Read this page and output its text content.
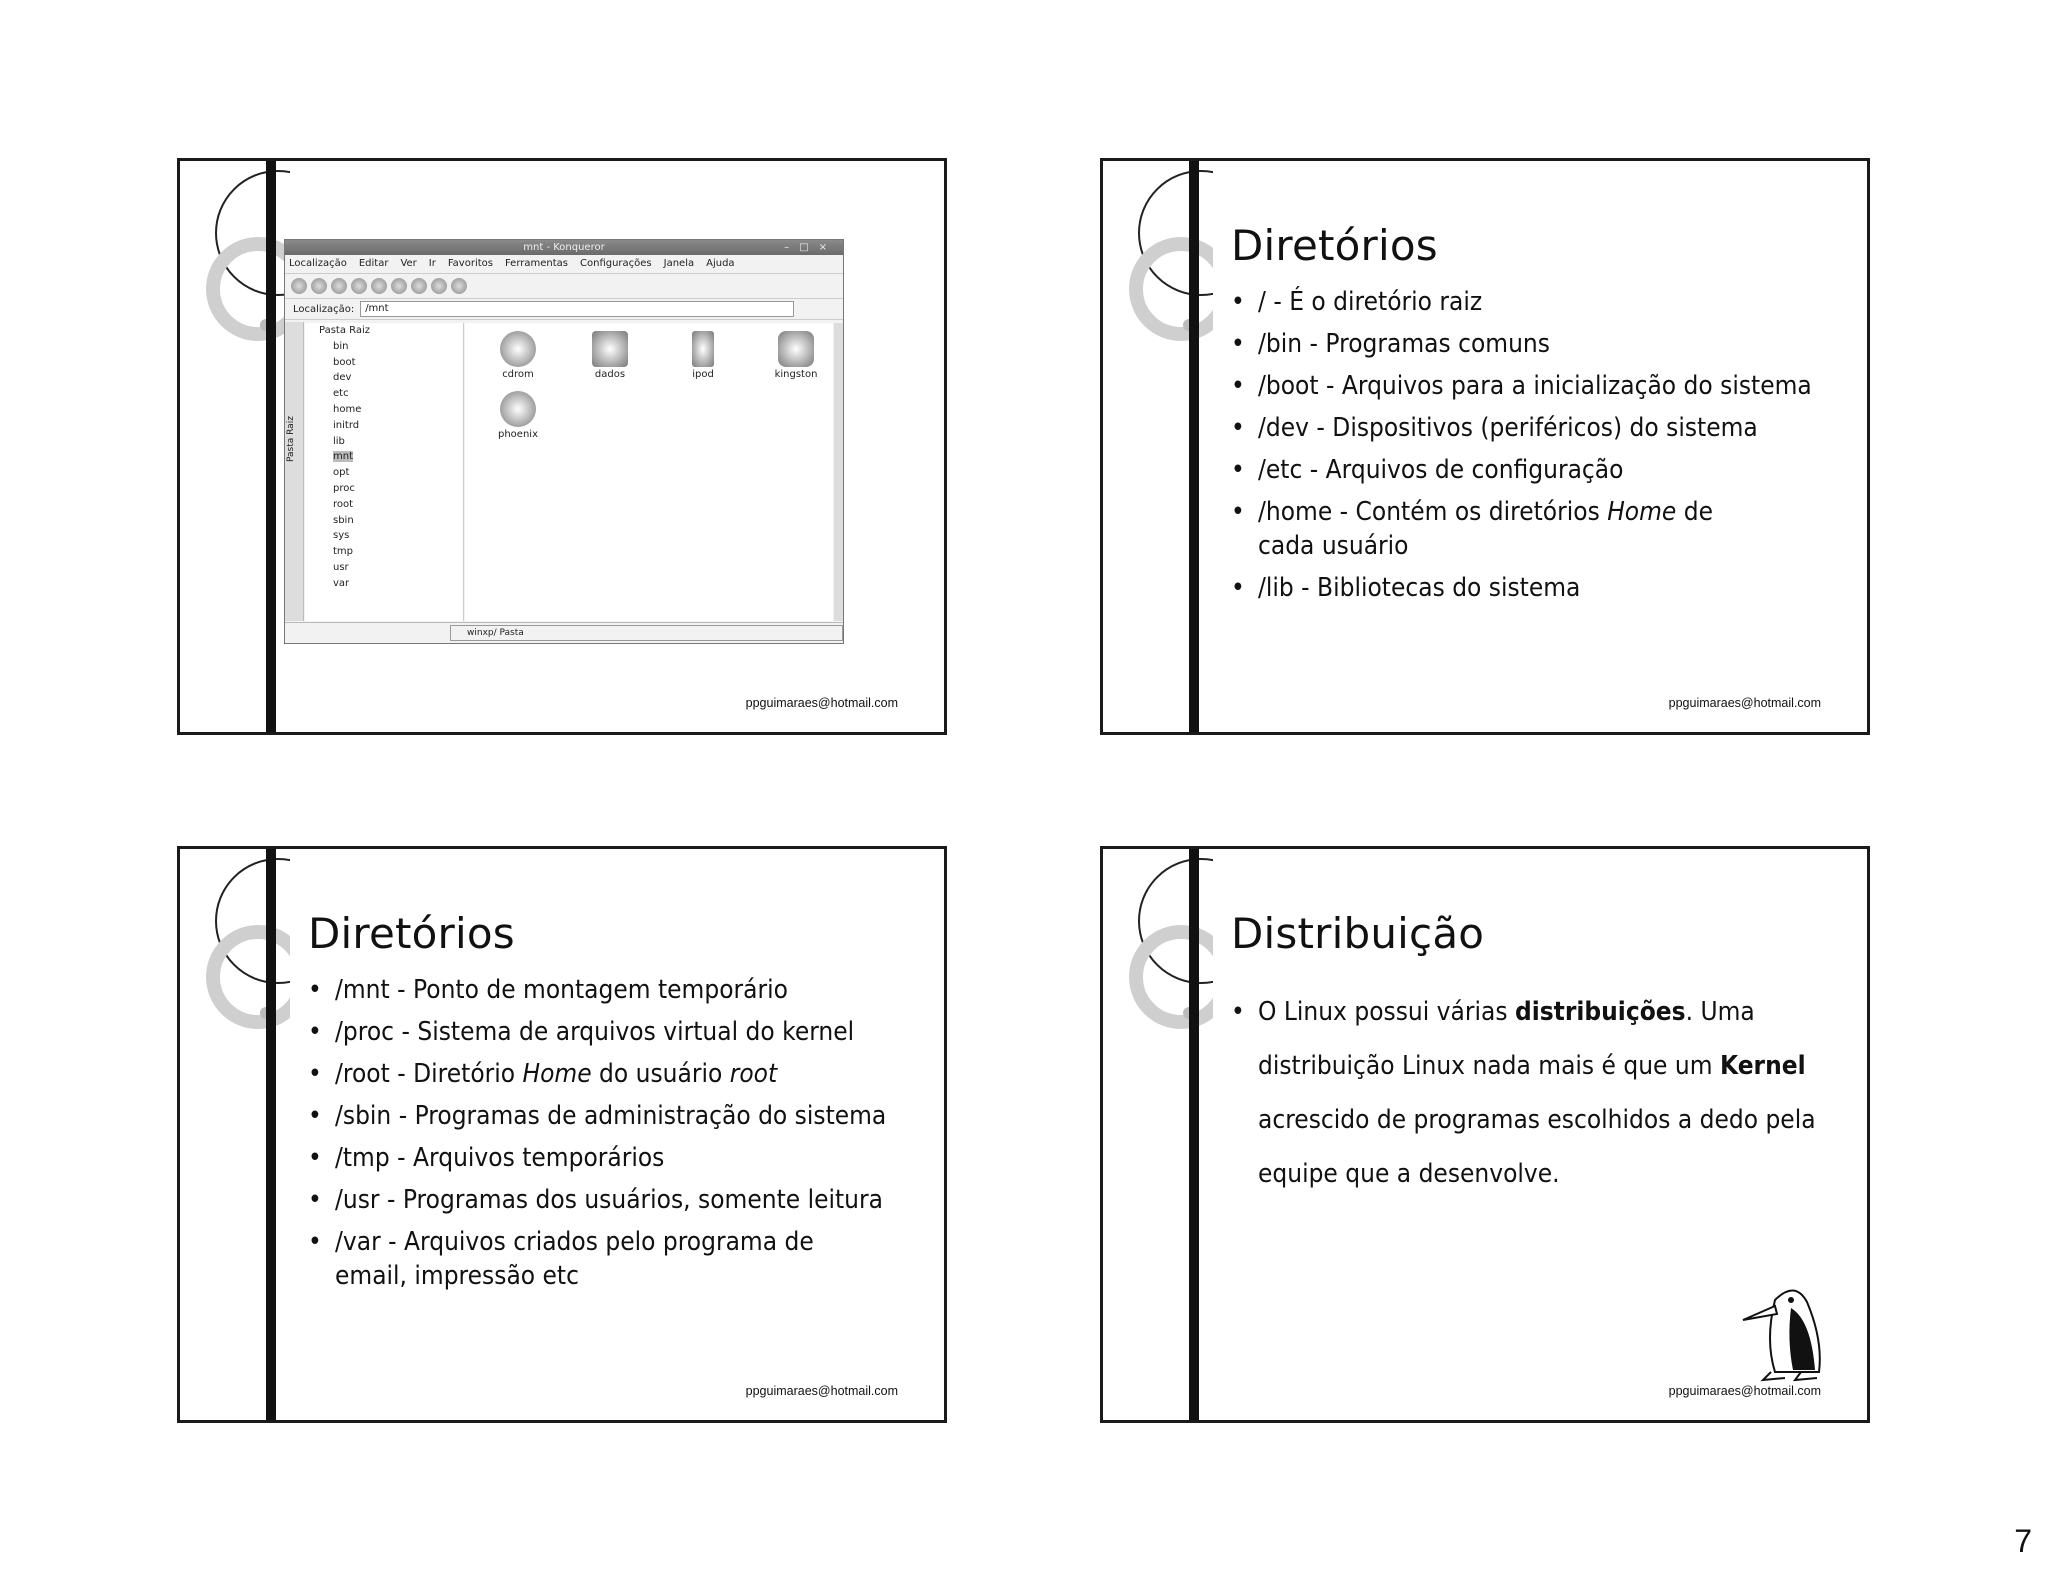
mnt - Konqueror	–□×
Localização Editar Ver Ir Favoritos Ferramentas Configurações Janela Ajuda
Localização:	/mnt
Pasta Raiz
Pasta Raiz
bin
boot
dev
etc
home
initrd
lib
mnt
opt
proc
root
sbin
sys
tmp
usr
var
cdrom	dados	ipod	kingston
phoenix
winxp/ Pasta
ppguimaraes@hotmail.com
Diretórios
• / - É o diretório raiz
• /bin - Programas comuns
• /boot - Arquivos para a inicialização do sistema
• /dev - Dispositivos (periféricos) do sistema
• /etc - Arquivos de configuração
• /home - Contém os diretórios Home de cada usuário
• /lib - Bibliotecas do sistema
ppguimaraes@hotmail.com
Diretórios
• /mnt - Ponto de montagem temporário
• /proc - Sistema de arquivos virtual do kernel
• /root - Diretório Home do usuário root
• /sbin - Programas de administração do sistema
• /tmp - Arquivos temporários
• /usr - Programas dos usuários, somente leitura
• /var - Arquivos criados pelo programa de email, impressão etc
ppguimaraes@hotmail.com
Distribuição
• O Linux possui várias distribuições. Uma distribuição Linux nada mais é que um Kernel acrescido de programas escolhidos a dedo pela equipe que a desenvolve.
ppguimaraes@hotmail.com
7
